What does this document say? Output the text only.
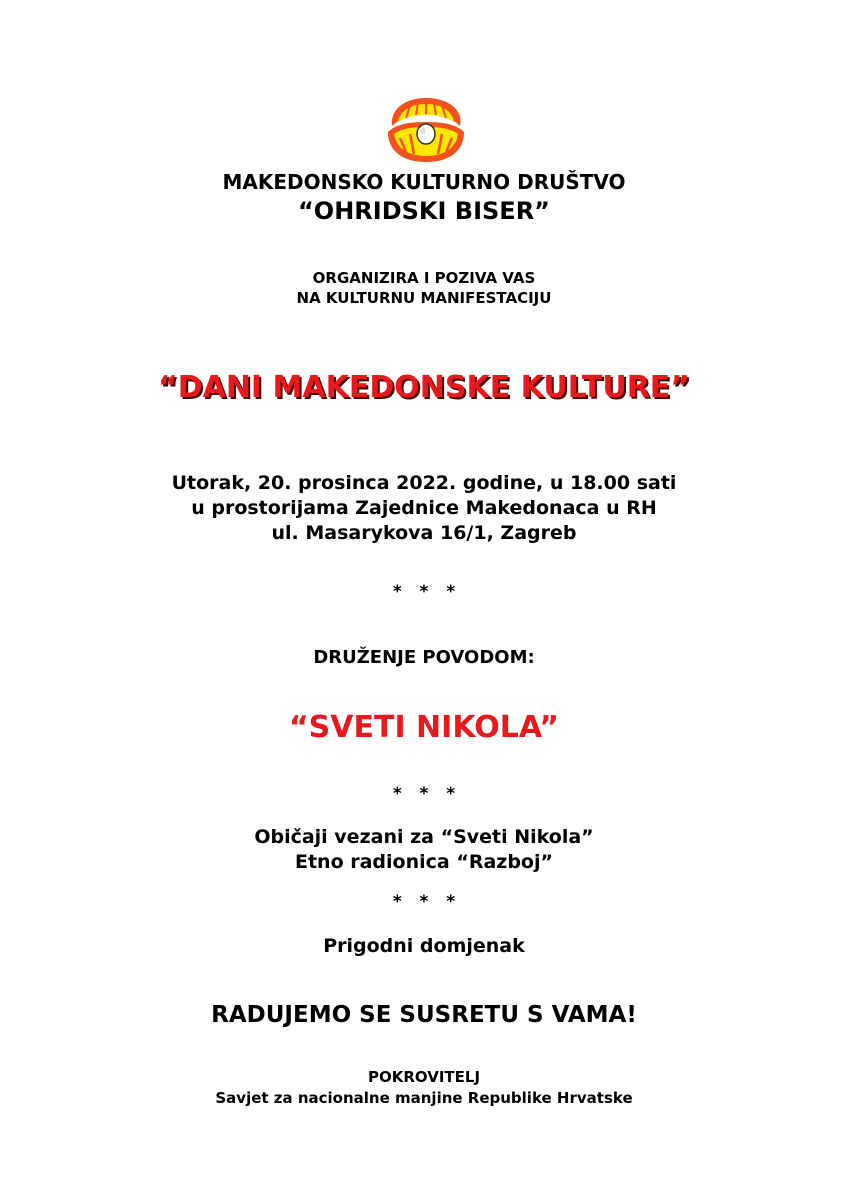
MAKEDONSKO KULTURNO DRUŠTVO
“OHRIDSKI BISER”
ORGANIZIRA I POZIVA VAS
NA KULTURNU MANIFESTACIJU
“DANI MAKEDONSKE KULTURE”
Utorak, 20. prosinca 2022. godine, u 18.00 sati
u prostorijama Zajednice Makedonaca u RH
ul. Masarykova 16/1, Zagreb
*   *   *
DRUŽENJE POVODOM:
“SVETI NIKOLA”
*   *   *
Običaji vezani za “Sveti Nikola”
Etno radionica “Razboj”
*   *   *
Prigodni domjenak
RADUJEMO SE SUSRETU S VAMA!
POKROVITELJ
Savjet za nacionalne manjine Republike Hrvatske
